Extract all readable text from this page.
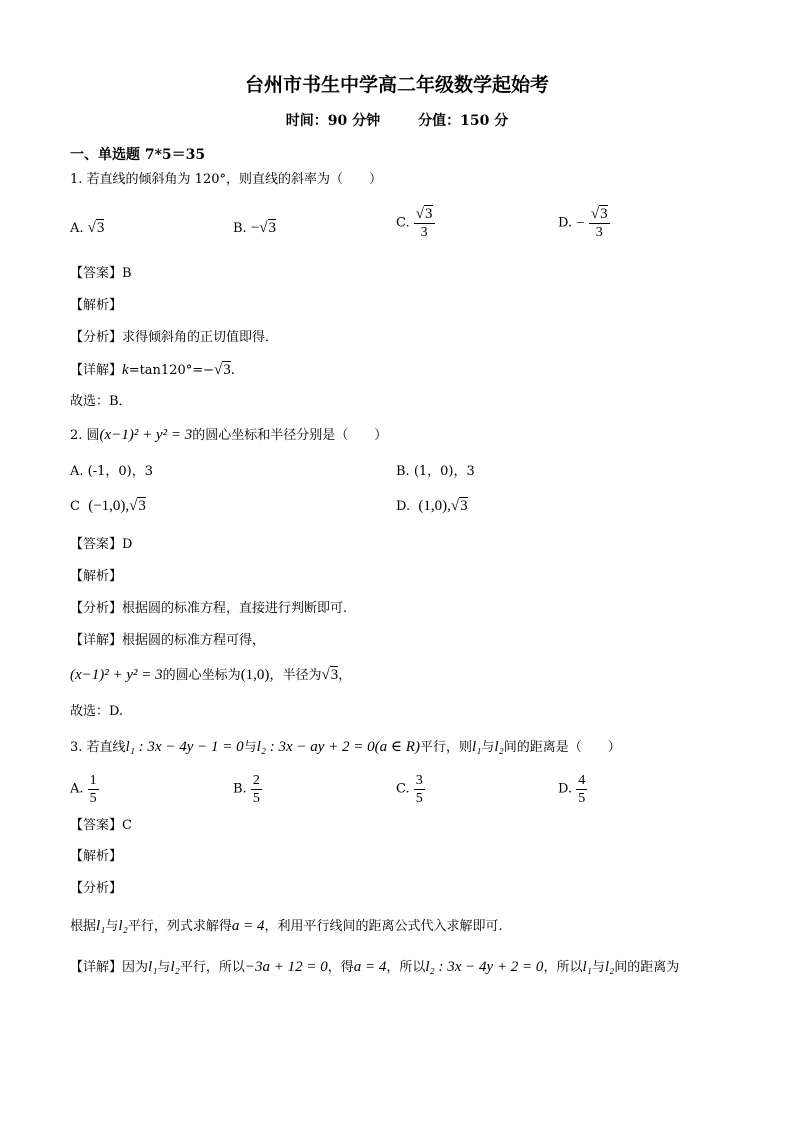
台州市书生中学高二年级数学起始考
时间：90 分钟	分值：150 分
一、单选题 7*5＝35
1. 若直线的倾斜角为 120°，则直线的斜率为（　　）
A. √3	B. −√3	C. $\frac{√3}{3}$	D. − $\frac{√3}{3}$
【答案】B
【解析】
【分析】求得倾斜角的正切值即得．
【详解】k=tan120°=−√3.
故选：B．
2. 圆(x−1)² + y² = 3的圆心坐标和半径分别是（　　）
A. (-1，0)，3	B. (1，0)，3
C (−1,0),√3	D. (1,0),√3
【答案】D
【解析】
【分析】根据圆的标准方程，直接进行判断即可.
【详解】根据圆的标准方程可得，
(x−1)² + y² = 3的圆心坐标为(1,0)，半径为√3，
故选：D.
3. 若直线l₁ : 3x − 4y − 1 = 0与l₂ : 3x − ay + 2 = 0(a ∈ R)平行，则l₁与l₂间的距离是（　　）
A. $\frac{1}{5}$	B. $\frac{2}{5}$	C. $\frac{3}{5}$	D. $\frac{4}{5}$
【答案】C
【解析】
【分析】
根据l₁与l₂平行，列式求解得a = 4，利用平行线间的距离公式代入求解即可.
【详解】因为l₁与l₂平行，所以−3a + 12 = 0，得a = 4，所以l₂ : 3x − 4y + 2 = 0，所以l₁与l₂间的距离为
